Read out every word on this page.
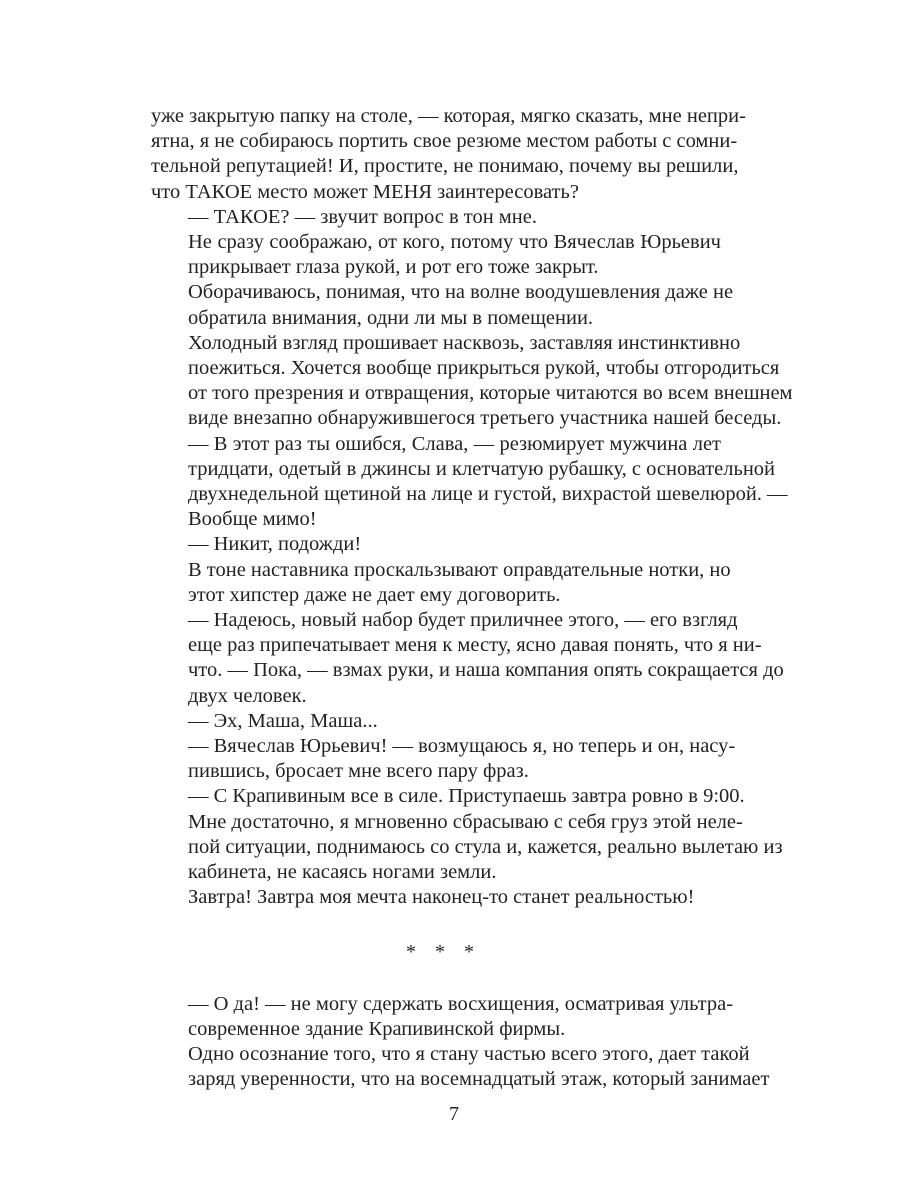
уже закрытую папку на столе, — которая, мягко сказать, мне непри-
ятна, я не собираюсь портить свое резюме местом работы с сомни-
тельной репутацией! И, простите, не понимаю, почему вы решили,
что ТАКОЕ место может МЕНЯ заинтересовать?

— ТАКОЕ? — звучит вопрос в тон мне.

Не сразу соображаю, от кого, потому что Вячеслав Юрьевич
прикрывает глаза рукой, и рот его тоже закрыт.

Оборачиваюсь, понимая, что на волне воодушевления даже не
обратила внимания, одни ли мы в помещении.

Холодный взгляд прошивает насквозь, заставляя инстинктивно
поежиться. Хочется вообще прикрыться рукой, чтобы отгородиться
от того презрения и отвращения, которые читаются во всем внешнем
виде внезапно обнаружившегося третьего участника нашей беседы.

— В этот раз ты ошибся, Слава, — резюмирует мужчина лет
тридцати, одетый в джинсы и клетчатую рубашку, с основательной
двухнедельной щетиной на лице и густой, вихрастой шевелюрой. —
Вообще мимо!

— Никит, подожди!

В тоне наставника проскальзывают оправдательные нотки, но
этот хипстер даже не дает ему договорить.

— Надеюсь, новый набор будет приличнее этого, — его взгляд
еще раз припечатывает меня к месту, ясно давая понять, что я ни-
что. — Пока, — взмах руки, и наша компания опять сокращается до
двух человек.

— Эх, Маша, Маша...

— Вячеслав Юрьевич! — возмущаюсь я, но теперь и он, насу-
пившись, бросает мне всего пару фраз.

— С Крапивиным все в силе. Приступаешь завтра ровно в 9:00.

Мне достаточно, я мгновенно сбрасываю с себя груз этой неле-
пой ситуации, поднимаюсь со стула и, кажется, реально вылетаю из
кабинета, не касаясь ногами земли.

Завтра! Завтра моя мечта наконец-то станет реальностью!

* * *

— О да! — не могу сдержать восхищения, осматривая ультра-
современное здание Крапивинской фирмы.

Одно осознание того, что я стану частью всего этого, дает такой
заряд уверенности, что на восемнадцатый этаж, который занимает

7
